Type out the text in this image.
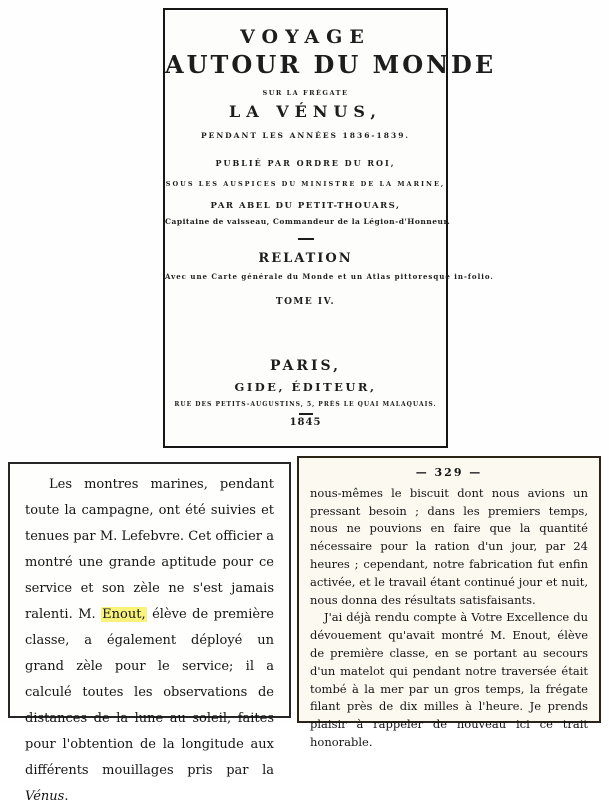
VOYAGE
AUTOUR DU MONDE
SUR LA FRÉGATE
LA VÉNUS,
PENDANT LES ANNÉES 1836-1839.
PUBLIÉ PAR ORDRE DU ROI,
SOUS LES AUSPICES DU MINISTRE DE LA MARINE,
PAR ABEL DU PETIT-THOUARS,
Capitaine de vaisseau, Commandeur de la Légion-d'Honneur.
RELATION
Avec une Carte générale du Monde et un Atlas pittoresque in-folio.
TOME IV.
PARIS,
GIDE, ÉDITEUR,
RUE DES PETITS-AUGUSTINS, 5, PRÈS LE QUAI MALAQUAIS.
1845

Les montres marines, pendant toute la campagne, ont été suivies et tenues par M. Lefebvre. Cet officier a montré une grande aptitude pour ce service et son zèle ne s'est jamais ralenti. M. Enout, élève de première classe, a également déployé un grand zèle pour le service; il a calculé toutes les observations de distances de la lune au soleil, faites pour l'obtention de la longitude aux différents mouillages pris par la Vénus.

— 329 —

nous-mêmes le biscuit dont nous avions un pressant besoin ; dans les premiers temps, nous ne pouvions en faire que la quantité nécessaire pour la ration d'un jour, par 24 heures ; cependant, notre fabrication fut enfin activée, et le travail étant continué jour et nuit, nous donna des résultats satisfaisants.

J'ai déjà rendu compte à Votre Excellence du dévouement qu'avait montré M. Enout, élève de première classe, en se portant au secours d'un matelot qui pendant notre traversée était tombé à la mer par un gros temps, la frégate filant près de dix milles à l'heure. Je prends plaisir à rappeler de nouveau ici ce trait honorable.
